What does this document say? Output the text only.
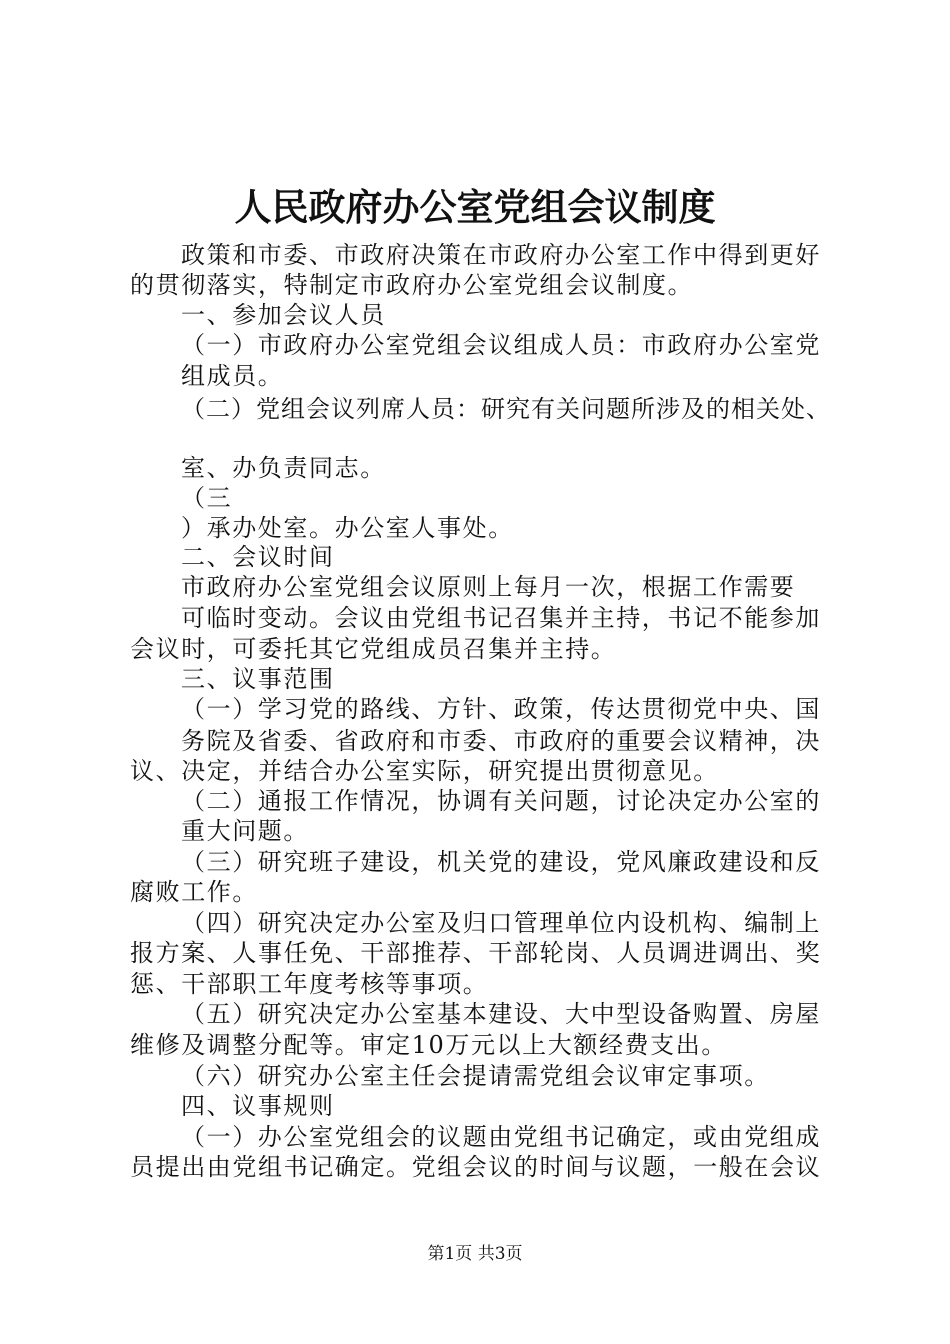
人民政府办公室党组会议制度
政策和市委、市政府决策在市政府办公室工作中得到更好
的贯彻落实，特制定市政府办公室党组会议制度。
一、参加会议人员
（一）市政府办公室党组会议组成人员：市政府办公室党
组成员。
（二）党组会议列席人员：研究有关问题所涉及的相关处、
室、办负责同志。
（三
）承办处室。办公室人事处。
二、会议时间
市政府办公室党组会议原则上每月一次，根据工作需要
可临时变动。会议由党组书记召集并主持，书记不能参加
会议时，可委托其它党组成员召集并主持。
三、议事范围
（一）学习党的路线、方针、政策，传达贯彻党中央、国
务院及省委、省政府和市委、市政府的重要会议精神，决
议、决定，并结合办公室实际，研究提出贯彻意见。
（二）通报工作情况，协调有关问题，讨论决定办公室的
重大问题。
（三）研究班子建设，机关党的建设，党风廉政建设和反
腐败工作。
（四）研究决定办公室及归口管理单位内设机构、编制上
报方案、人事任免、干部推荐、干部轮岗、人员调进调出、奖
惩、干部职工年度考核等事项。
（五）研究决定办公室基本建设、大中型设备购置、房屋
维修及调整分配等。审定10万元以上大额经费支出。
（六）研究办公室主任会提请需党组会议审定事项。
四、议事规则
（一）办公室党组会的议题由党组书记确定，或由党组成
员提出由党组书记确定。党组会议的时间与议题，一般在会议
第1页 共3页
